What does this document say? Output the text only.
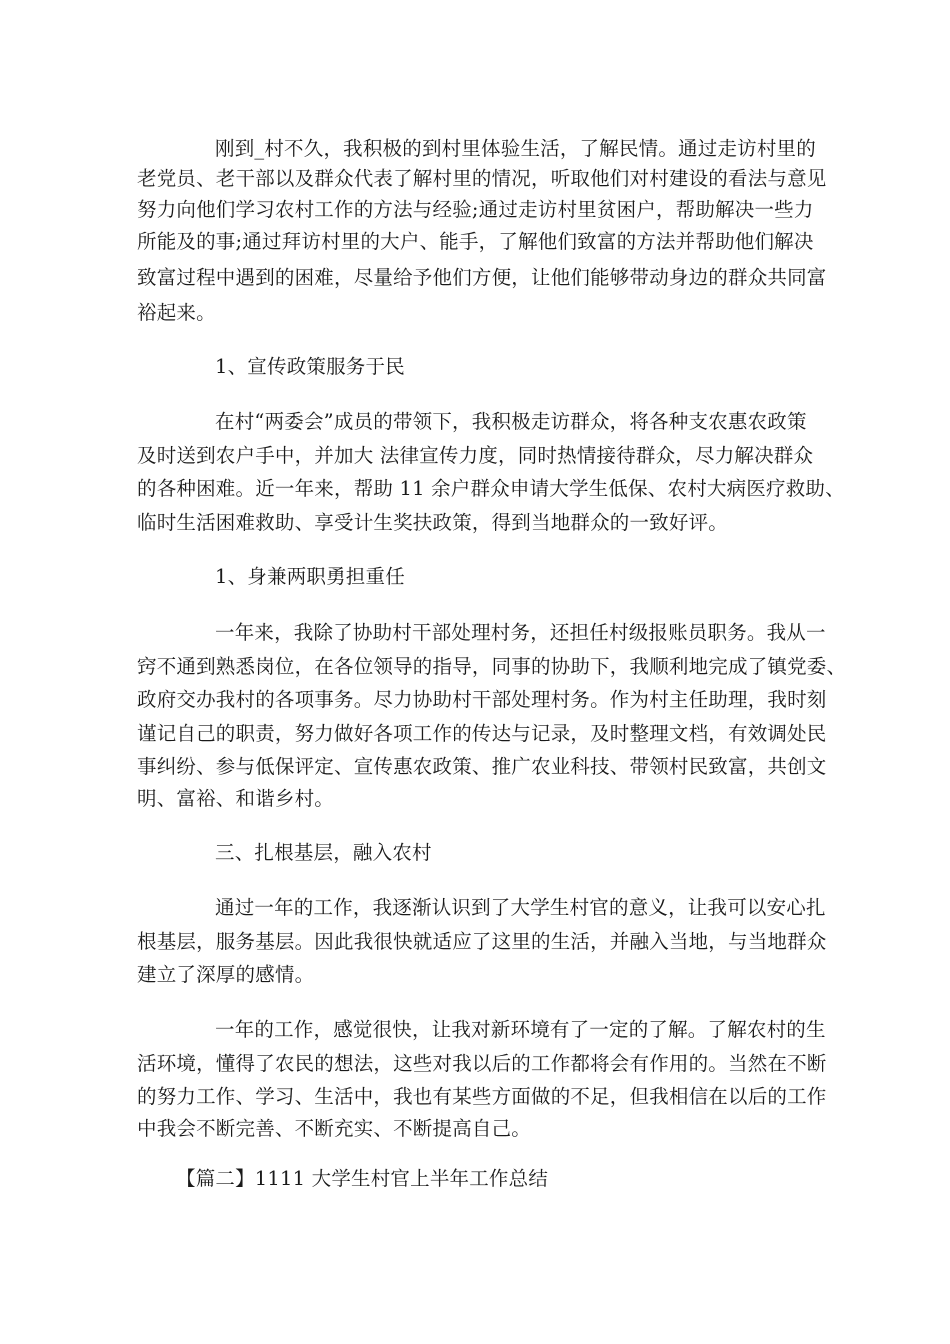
刚到_村不久，我积极的到村里体验生活，了解民情。通过走访村里的
老党员、老干部以及群众代表了解村里的情况，听取他们对村建设的看法与意见
努力向他们学习农村工作的方法与经验;通过走访村里贫困户，帮助解决一些力
所能及的事;通过拜访村里的大户、能手，了解他们致富的方法并帮助他们解决
致富过程中遇到的困难，尽量给予他们方便，让他们能够带动身边的群众共同富
裕起来。
1、宣传政策服务于民
在村“两委会”成员的带领下，我积极走访群众，将各种支农惠农政策
及时送到农户手中，并加大 法律宣传力度，同时热情接待群众，尽力解决群众
的各种困难。近一年来，帮助 11 余户群众申请大学生低保、农村大病医疗救助、
临时生活困难救助、享受计生奖扶政策，得到当地群众的一致好评。
1、身兼两职勇担重任
一年来，我除了协助村干部处理村务，还担任村级报账员职务。我从一
窍不通到熟悉岗位，在各位领导的指导，同事的协助下，我顺利地完成了镇党委、
政府交办我村的各项事务。尽力协助村干部处理村务。作为村主任助理，我时刻
谨记自己的职责，努力做好各项工作的传达与记录，及时整理文档，有效调处民
事纠纷、参与低保评定、宣传惠农政策、推广农业科技、带领村民致富，共创文
明、富裕、和谐乡村。
三、扎根基层，融入农村
通过一年的工作，我逐渐认识到了大学生村官的意义，让我可以安心扎
根基层，服务基层。因此我很快就适应了这里的生活，并融入当地，与当地群众
建立了深厚的感情。
一年的工作，感觉很快，让我对新环境有了一定的了解。了解农村的生
活环境，懂得了农民的想法，这些对我以后的工作都将会有作用的。当然在不断
的努力工作、学习、生活中，我也有某些方面做的不足，但我相信在以后的工作
中我会不断完善、不断充实、不断提高自己。
【篇二】1111 大学生村官上半年工作总结
